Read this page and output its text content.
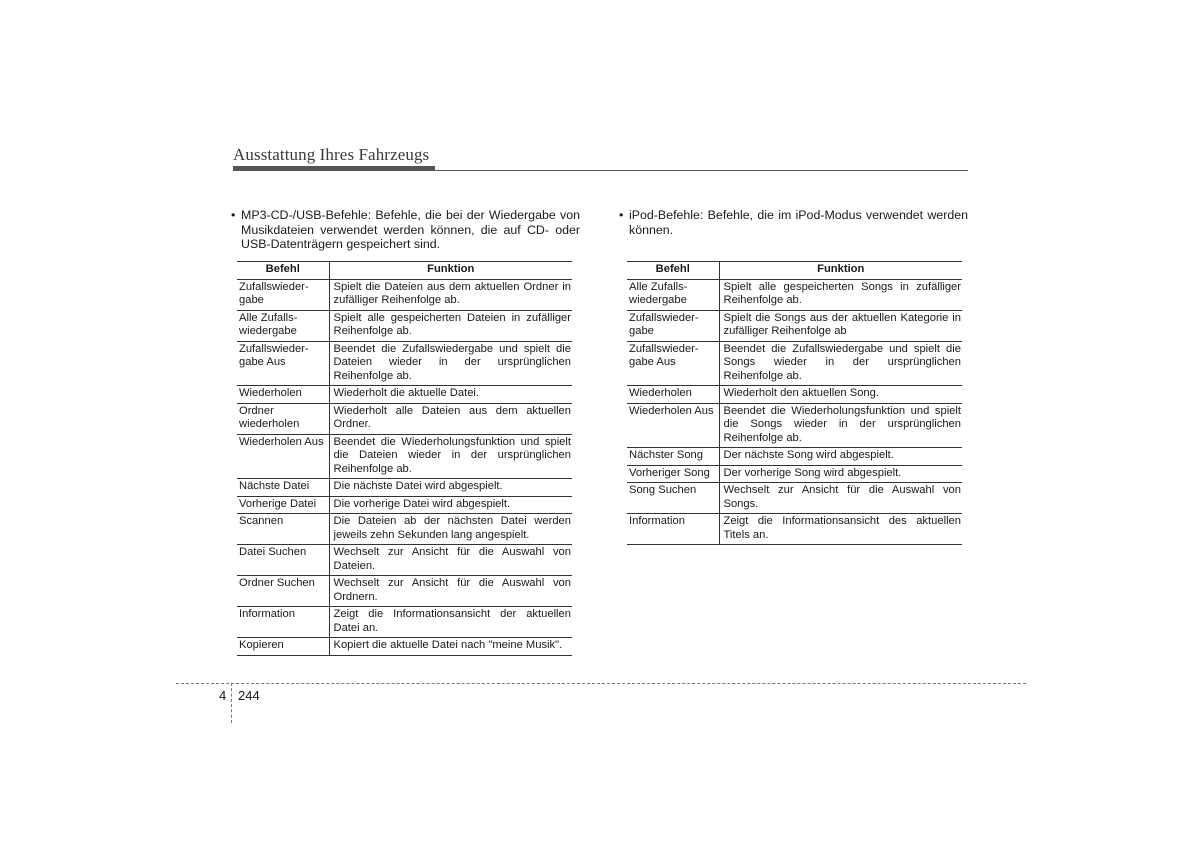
Ausstattung Ihres Fahrzeugs
• MP3-CD-/USB-Befehle: Befehle, die bei der Wiedergabe von Musikdateien verwendet werden können, die auf CD- oder USB-Datenträgern gespeichert sind.
• iPod-Befehle: Befehle, die im iPod-Modus verwendet werden können.
Befehl	Funktion
Zufallswieder-
gabe	Spielt die Dateien aus dem aktuellen Ordner in zufälliger Reihenfolge ab.
Alle Zufalls-
wiedergabe	Spielt alle gespeicherten Dateien in zufälliger Reihenfolge ab.
Zufallswieder-
gabe Aus	Beendet die Zufallswiedergabe und spielt die Dateien wieder in der ursprünglichen Reihenfolge ab.
Wiederholen	Wiederholt die aktuelle Datei.
Ordner
wiederholen	Wiederholt alle Dateien aus dem aktuellen Ordner.
Wiederholen Aus	Beendet die Wiederholungsfunktion und spielt die Dateien wieder in der ursprünglichen Reihenfolge ab.
Nächste Datei	Die nächste Datei wird abgespielt.
Vorherige Datei	Die vorherige Datei wird abgespielt.
Scannen	Die Dateien ab der nächsten Datei werden jeweils zehn Sekunden lang angespielt.
Datei Suchen	Wechselt zur Ansicht für die Auswahl von Dateien.
Ordner Suchen	Wechselt zur Ansicht für die Auswahl von Ordnern.
Information	Zeigt die Informationsansicht der aktuellen Datei an.
Kopieren	Kopiert die aktuelle Datei nach "meine Musik".
Befehl	Funktion
Alle Zufalls-
wiedergabe	Spielt alle gespeicherten Songs in zufälliger Reihenfolge ab.
Zufallswieder-
gabe	Spielt die Songs aus der aktuellen Kategorie in zufälliger Reihenfolge ab
Zufallswieder-
gabe Aus	Beendet die Zufallswiedergabe und spielt die Songs wieder in der ursprünglichen Reihenfolge ab.
Wiederholen	Wiederholt den aktuellen Song.
Wiederholen Aus	Beendet die Wiederholungsfunktion und spielt die Songs wieder in der ursprünglichen Reihenfolge ab.
Nächster Song	Der nächste Song wird abgespielt.
Vorheriger Song	Der vorherige Song wird abgespielt.
Song Suchen	Wechselt zur Ansicht für die Auswahl von Songs.
Information	Zeigt die Informationsansicht des aktuellen Titels an.
4 244
